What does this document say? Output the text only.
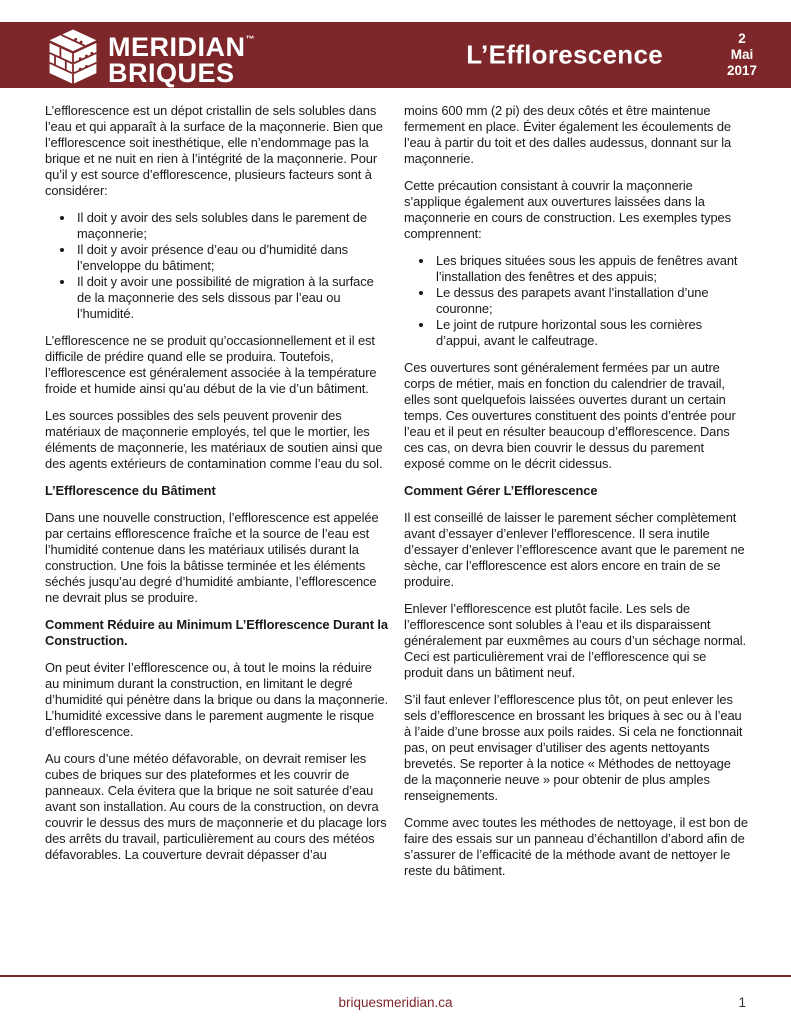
MERIDIAN™
BRIQUES
L’Efflorescence
2
Mai
2017

L’efflorescence est un dépot cristallin de sels solubles dans l’eau et qui apparaît à la surface de la maçonnerie. Bien que l’efflorescence soit inesthétique, elle n’endommage pas la brique et ne nuit en rien à l’intégrité de la maçonnerie. Pour qu’il y est source d’efflorescence, plusieurs facteurs sont à considérer:

• Il doit y avoir des sels solubles dans le parement de maçonnerie;
• Il doit y avoir présence d’eau ou d’humidité dans l’enveloppe du bâtiment;
• Il doit y avoir une possibilité de migration à la surface de la maçonnerie des sels dissous par l’eau ou l’humidité.

L’efflorescence ne se produit qu’occasionnellement et il est difficile de prédire quand elle se produira. Toutefois, l’efflorescence est généralement associée à la température froide et humide ainsi qu’au début de la vie d’un bâtiment.

Les sources possibles des sels peuvent provenir des matériaux de maçonnerie employés, tel que le mortier, les éléments de maçonnerie, les matériaux de soutien ainsi que des agents extérieurs de contamination comme l’eau du sol.

L’Efflorescence du Bâtiment

Dans une nouvelle construction, l’efflorescence est appelée par certains efflorescence fraîche et la source de l’eau est l’humidité contenue dans les matériaux utilisés durant la construction. Une fois la bâtisse terminée et les éléments séchés jusqu’au degré d’humidité ambiante, l’efflorescence ne devrait plus se produire.

Comment Réduire au Minimum L’Efflorescence Durant la Construction.

On peut éviter l’efflorescence ou, à tout le moins la réduire au minimum durant la construction, en limitant le degré d’humidité qui pénètre dans la brique ou dans la maçonnerie. L’humidité excessive dans le parement augmente le risque d’efflorescence.

Au cours d’une météo défavorable, on devrait remiser les cubes de briques sur des plateformes et les couvrir de panneaux. Cela évitera que la brique ne soit saturée d’eau avant son installation. Au cours de la construction, on devra couvrir le dessus des murs de maçonnerie et du placage lors des arrêts du travail, particulièrement au cours des météos défavorables. La couverture devrait dépasser d’au

moins 600 mm (2 pi) des deux côtés et être maintenue fermement en place. Éviter également les écoulements de l’eau à partir du toit et des dalles audessus, donnant sur la maçonnerie.

Cette précaution consistant à couvrir la maçonnerie s’applique également aux ouvertures laissées dans la maçonnerie en cours de construction. Les exemples types comprennent:

• Les briques situées sous les appuis de fenêtres avant l’installation des fenêtres et des appuis;
• Le dessus des parapets avant l’installation d’une couronne;
• Le joint de rutpure horizontal sous les cornières d’appui, avant le calfeutrage.

Ces ouvertures sont généralement fermées par un autre corps de métier, mais en fonction du calendrier de travail, elles sont quelquefois laissées ouvertes durant un certain temps. Ces ouvertures constituent des points d’entrée pour l’eau et il peut en résulter beaucoup d’efflorescence. Dans ces cas, on devra bien couvrir le dessus du parement exposé comme on le décrit cidessus.

Comment Gérer L’Efflorescence

Il est conseillé de laisser le parement sécher complètement avant d’essayer d’enlever l’efflorescence. Il sera inutile d’essayer d’enlever l’efflorescence avant que le parement ne sèche, car l’efflorescence est alors encore en train de se produire.

Enlever l’efflorescence est plutôt facile. Les sels de l’efflorescence sont solubles à l’eau et ils disparaissent généralement par euxmêmes au cours d’un séchage normal. Ceci est particulièrement vrai de l’efflorescence qui se produit dans un bâtiment neuf.

S’il faut enlever l’efflorescence plus tôt, on peut enlever les sels d’efflorescence en brossant les briques à sec ou à l’eau à l’aide d’une brosse aux poils raides. Si cela ne fonctionnait pas, on peut envisager d’utiliser des agents nettoyants brevetés. Se reporter à la notice « Méthodes de nettoyage de la maçonnerie neuve » pour obtenir de plus amples renseignements.

Comme avec toutes les méthodes de nettoyage, il est bon de faire des essais sur un panneau d’échantillon d’abord afin de s’assurer de l’efficacité de la méthode avant de nettoyer le reste du bâtiment.

briquesmeridian.ca	1
